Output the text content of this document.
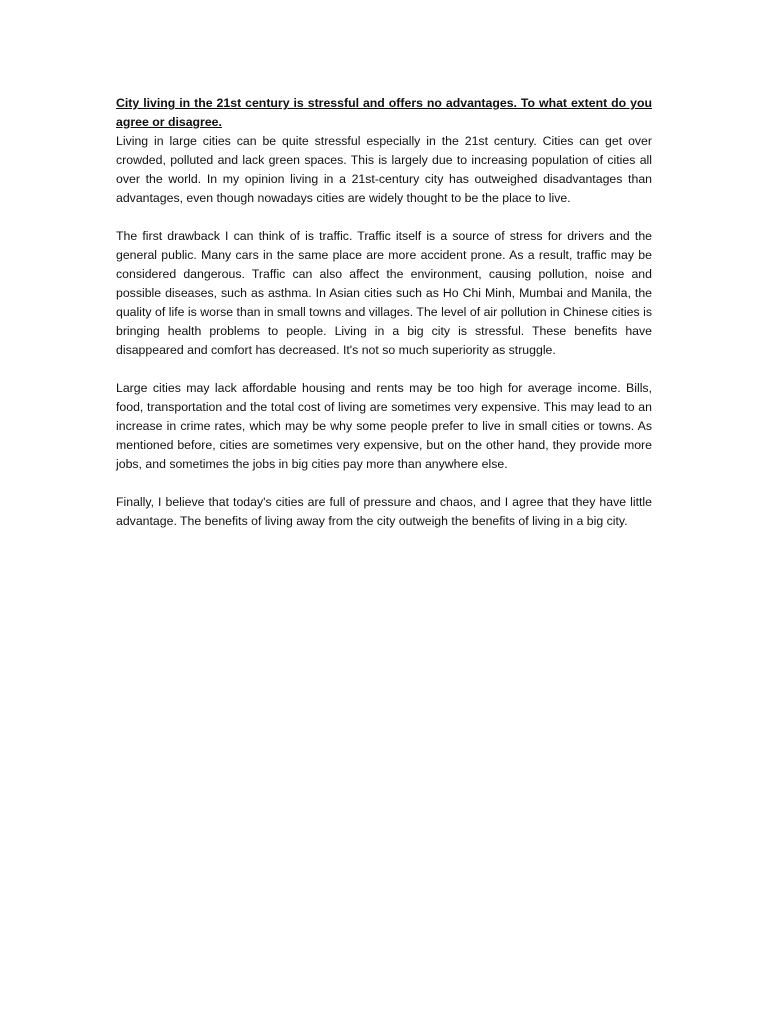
City living in the 21st century is stressful and offers no advantages. To what extent do you agree or disagree.

Living in large cities can be quite stressful especially in the 21st century. Cities can get over crowded, polluted and lack green spaces. This is largely due to increasing population of cities all over the world. In my opinion living in a 21st-century city has outweighed disadvantages than advantages, even though nowadays cities are widely thought to be the place to live.

The first drawback I can think of is traffic. Traffic itself is a source of stress for drivers and the general public. Many cars in the same place are more accident prone. As a result, traffic may be considered dangerous. Traffic can also affect the environment, causing pollution, noise and possible diseases, such as asthma. In Asian cities such as Ho Chi Minh, Mumbai and Manila, the quality of life is worse than in small towns and villages. The level of air pollution in Chinese cities is bringing health problems to people. Living in a big city is stressful. These benefits have disappeared and comfort has decreased. It's not so much superiority as struggle.

Large cities may lack affordable housing and rents may be too high for average income. Bills, food, transportation and the total cost of living are sometimes very expensive. This may lead to an increase in crime rates, which may be why some people prefer to live in small cities or towns. As mentioned before, cities are sometimes very expensive, but on the other hand, they provide more jobs, and sometimes the jobs in big cities pay more than anywhere else.

Finally, I believe that today's cities are full of pressure and chaos, and I agree that they have little advantage. The benefits of living away from the city outweigh the benefits of living in a big city.
